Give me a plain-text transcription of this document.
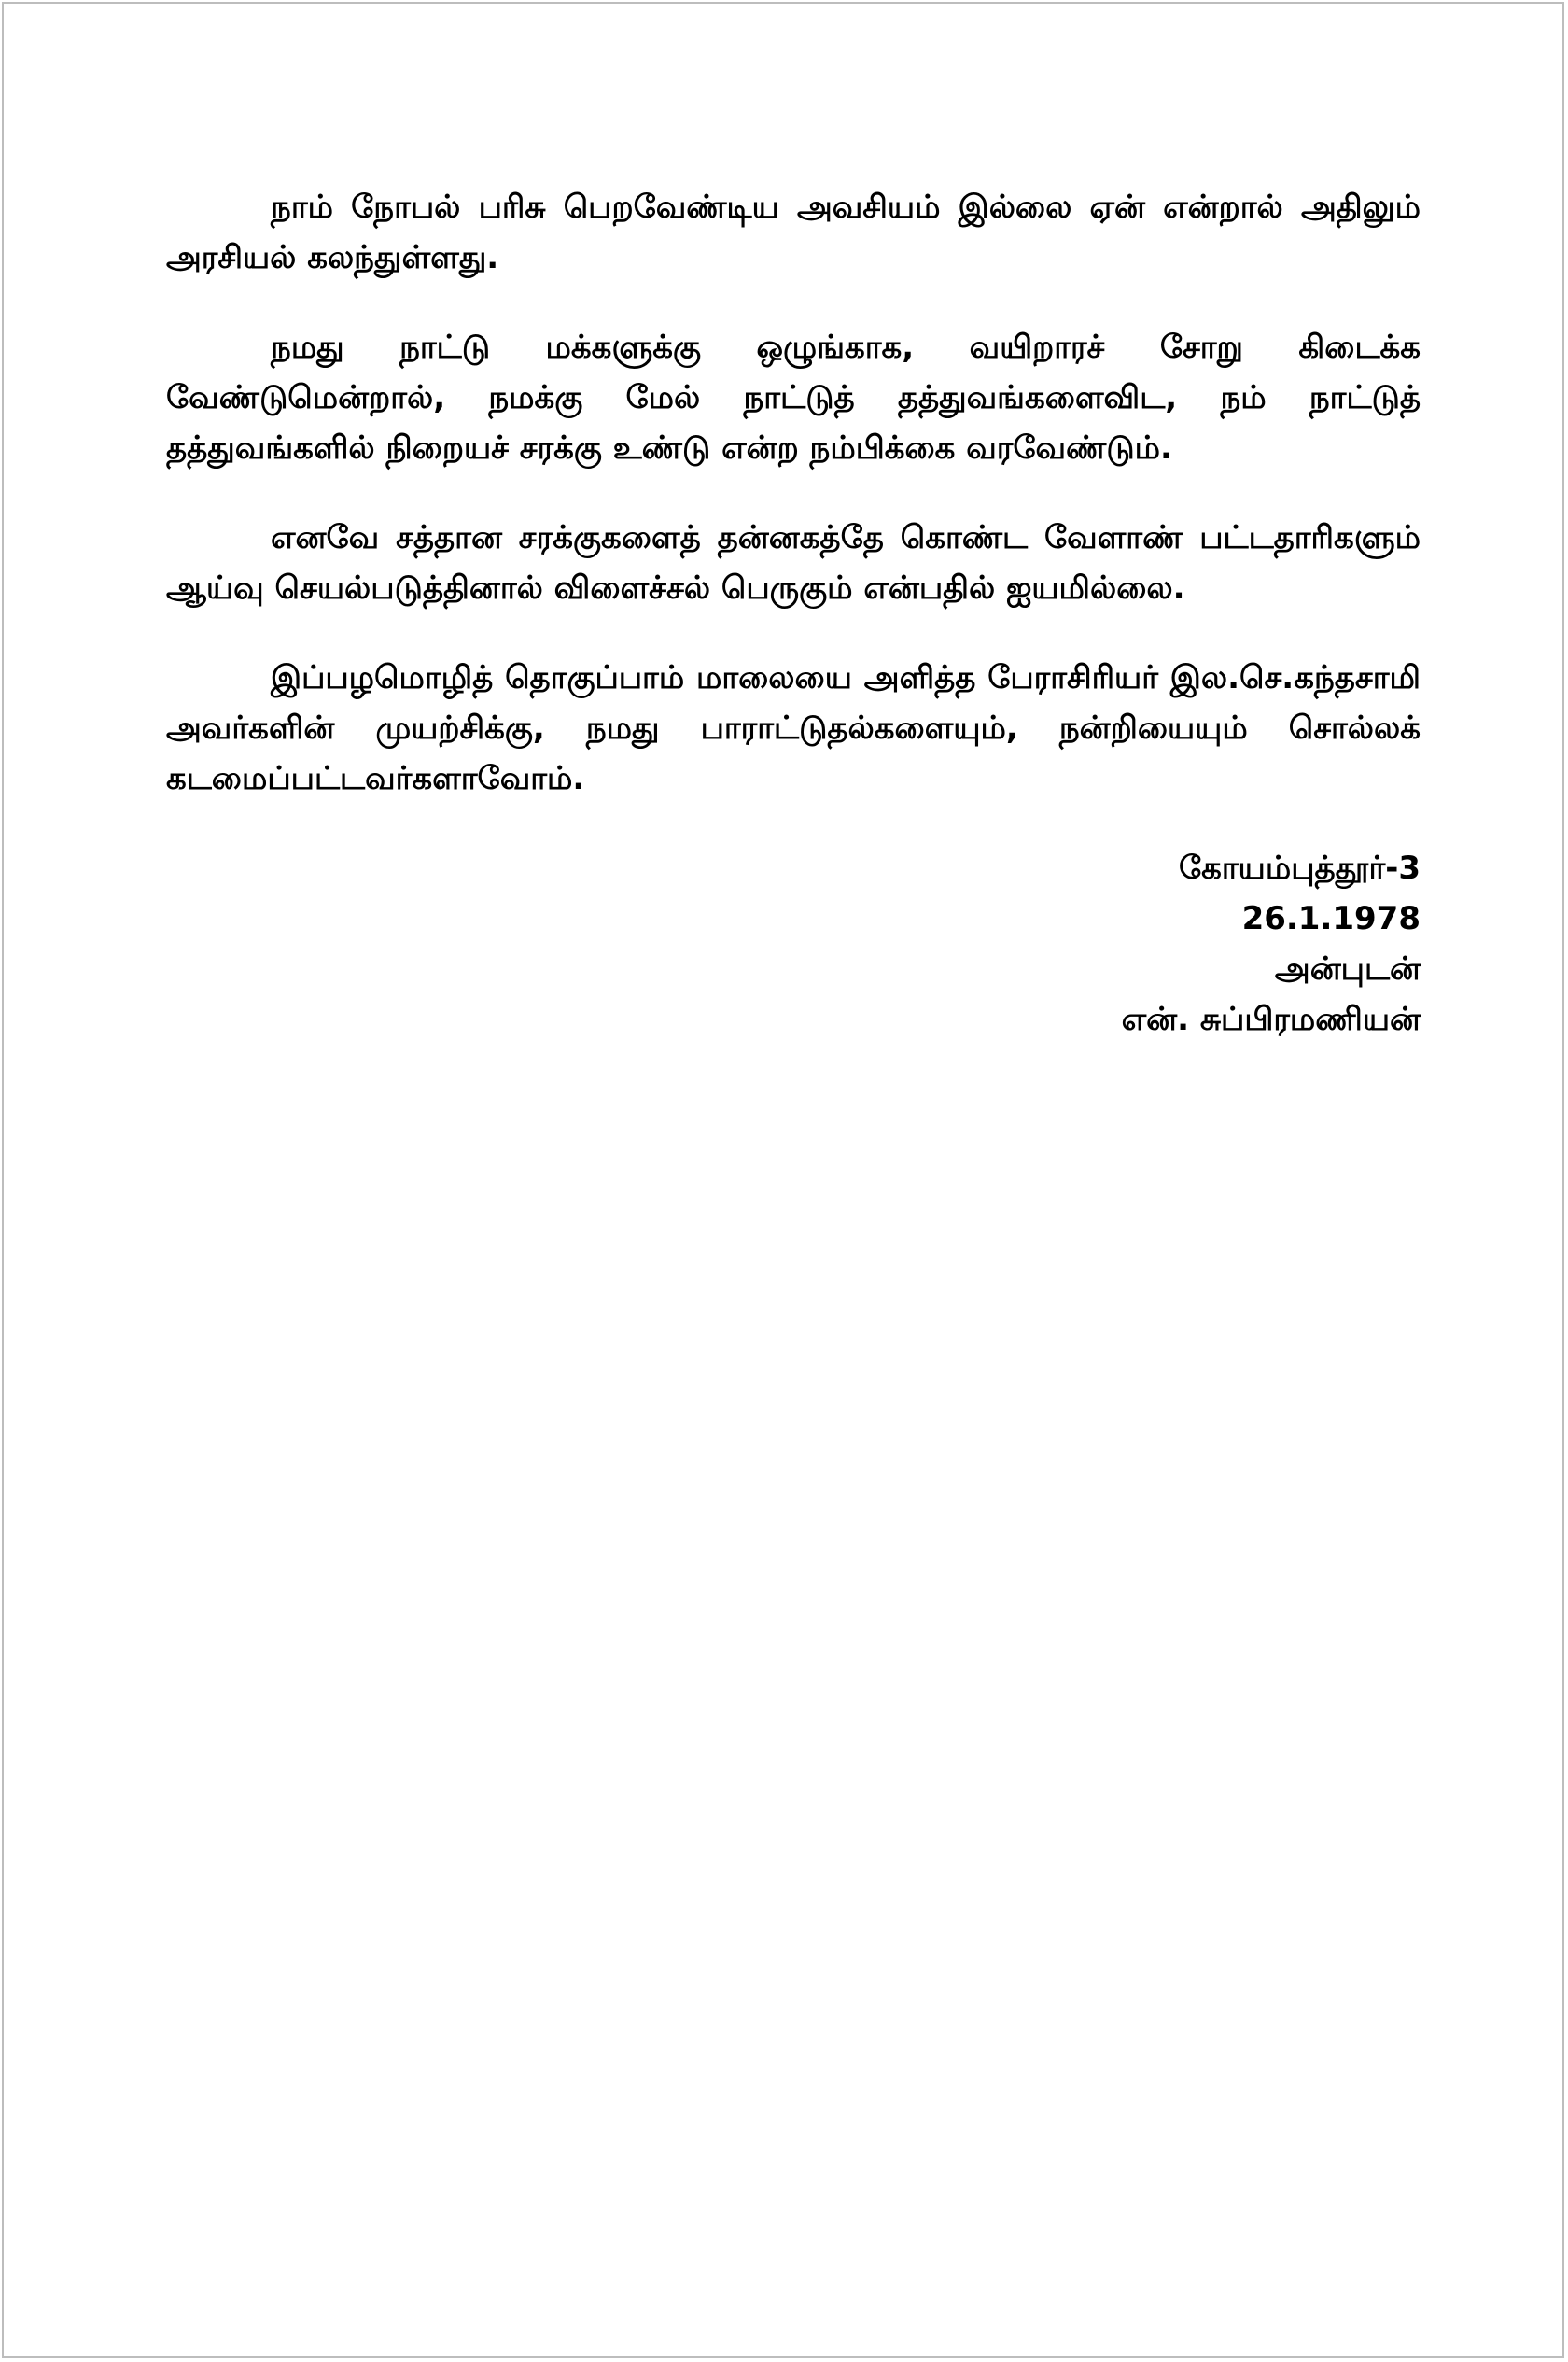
நாம் நோபல் பரிசு பெறவேண்டிய அவசியம் இல்லை ஏன் என்றால் அதிலும் அரசியல் கலந்துள்ளது.

நமது நாட்டு மக்களுக்கு ஒழுங்காக, வயிறாரச் சோறு கிடைக்க வேண்டுமென்றால், நமக்கு மேல் நாட்டுத் தத்துவங்களைவிட, நம் நாட்டுத் தத்துவங்களில் நிறையச் சரக்கு உண்டு என்ற நம்பிக்கை வரவேண்டும்.

எனவே சத்தான சரக்குகளைத் தன்னகத்தே கொண்ட வேளாண் பட்டதாரிகளும் ஆய்வு செயல்படுத்தினால் விளைச்சல் பெருகும் என்பதில் ஐயமில்லை.

இப்பழமொழித் தொகுப்பாம் மாலையை அளித்த பேராசிரியர் இல.செ.கந்தசாமி அவர்களின் முயற்சிக்கு, நமது பாராட்டுதல்களையும், நன்றியையும் சொல்லக் கடமைப்பட்டவர்களாவோம்.

கோயம்புத்தூர்-3
26.1.1978
அன்புடன்
என். சுப்பிரமணியன்
